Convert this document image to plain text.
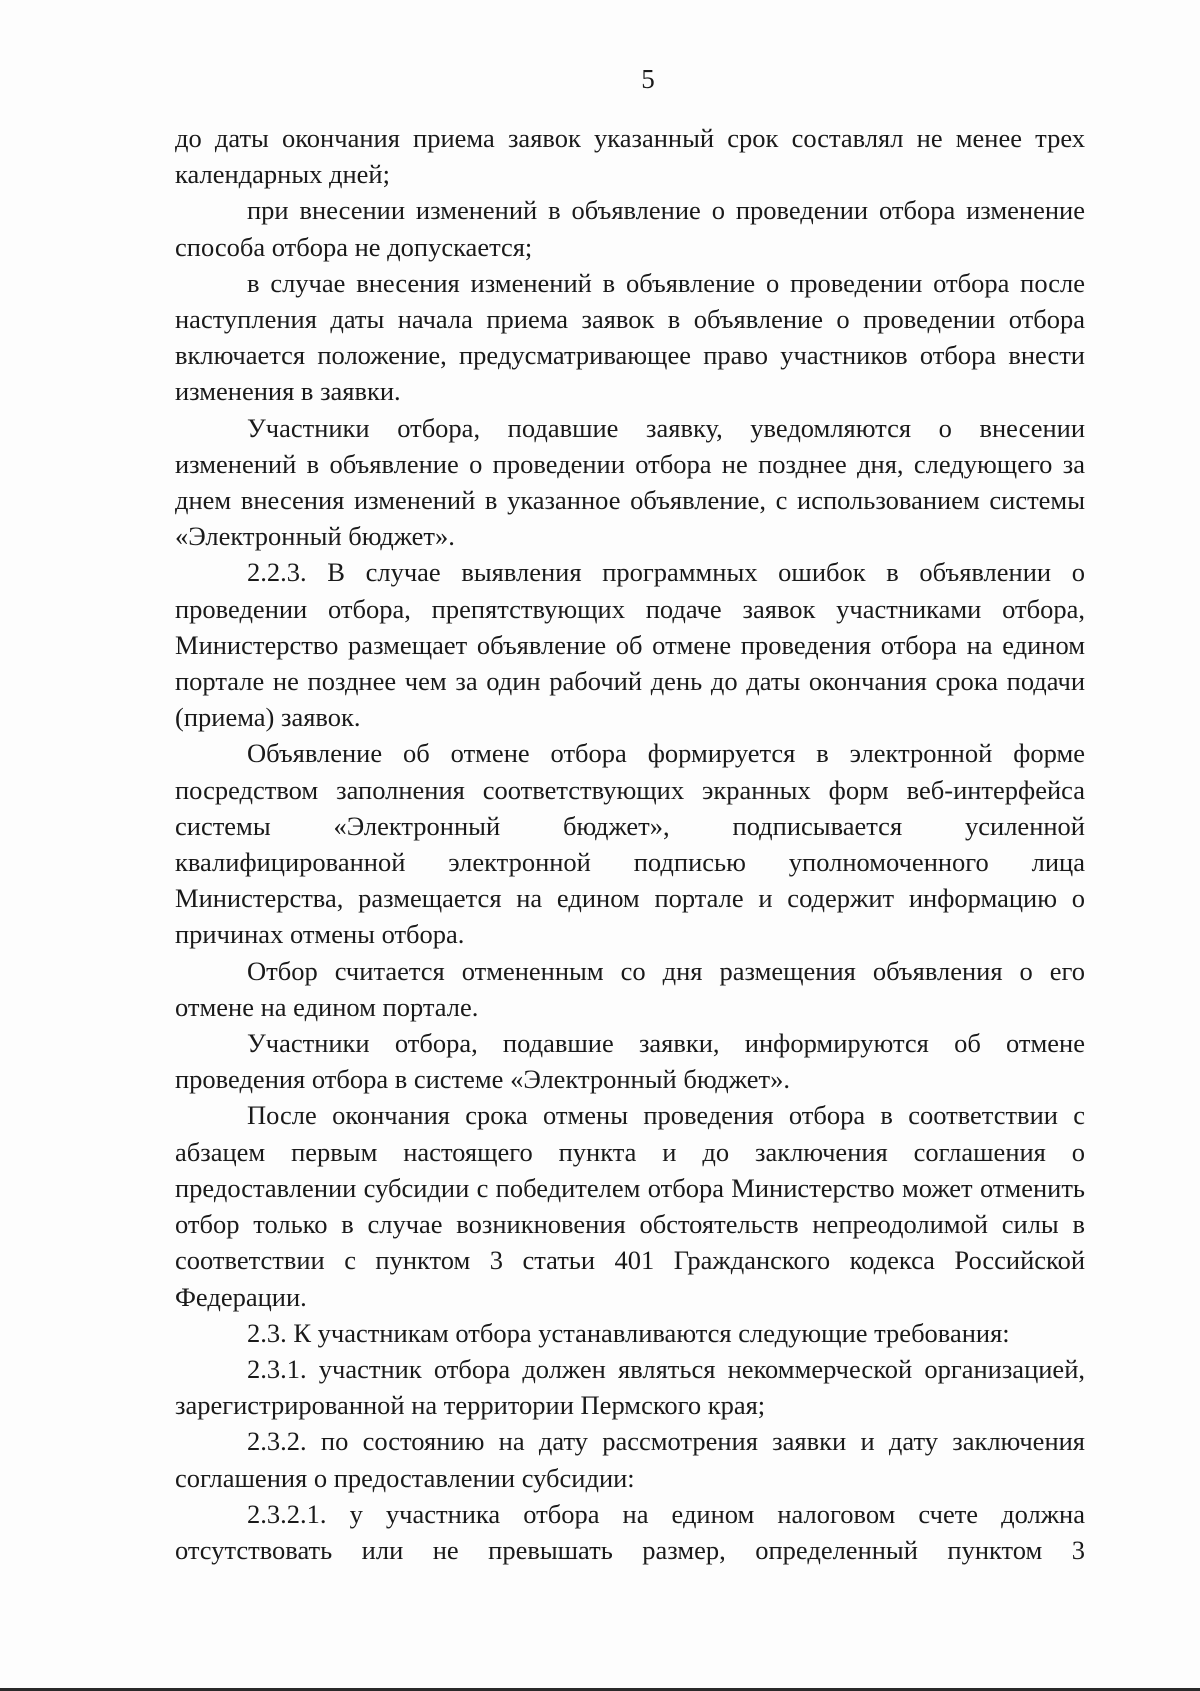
5

до даты окончания приема заявок указанный срок составлял не менее трех календарных дней;

при внесении изменений в объявление о проведении отбора изменение способа отбора не допускается;

в случае внесения изменений в объявление о проведении отбора после наступления даты начала приема заявок в объявление о проведении отбора включается положение, предусматривающее право участников отбора внести изменения в заявки.

Участники отбора, подавшие заявку, уведомляются о внесении изменений в объявление о проведении отбора не позднее дня, следующего за днем внесения изменений в указанное объявление, с использованием системы «Электронный бюджет».

2.2.3. В случае выявления программных ошибок в объявлении о проведении отбора, препятствующих подаче заявок участниками отбора, Министерство размещает объявление об отмене проведения отбора на едином портале не позднее чем за один рабочий день до даты окончания срока подачи (приема) заявок.

Объявление об отмене отбора формируется в электронной форме посредством заполнения соответствующих экранных форм веб-интерфейса системы «Электронный бюджет», подписывается усиленной квалифицированной электронной подписью уполномоченного лица Министерства, размещается на едином портале и содержит информацию о причинах отмены отбора.

Отбор считается отмененным со дня размещения объявления о его отмене на едином портале.

Участники отбора, подавшие заявки, информируются об отмене проведения отбора в системе «Электронный бюджет».

После окончания срока отмены проведения отбора в соответствии с абзацем первым настоящего пункта и до заключения соглашения о предоставлении субсидии с победителем отбора Министерство может отменить отбор только в случае возникновения обстоятельств непреодолимой силы в соответствии с пунктом 3 статьи 401 Гражданского кодекса Российской Федерации.

2.3. К участникам отбора устанавливаются следующие требования:

2.3.1. участник отбора должен являться некоммерческой организацией, зарегистрированной на территории Пермского края;

2.3.2. по состоянию на дату рассмотрения заявки и дату заключения соглашения о предоставлении субсидии:

2.3.2.1. у участника отбора на едином налоговом счете должна отсутствовать или не превышать размер, определенный пунктом 3
